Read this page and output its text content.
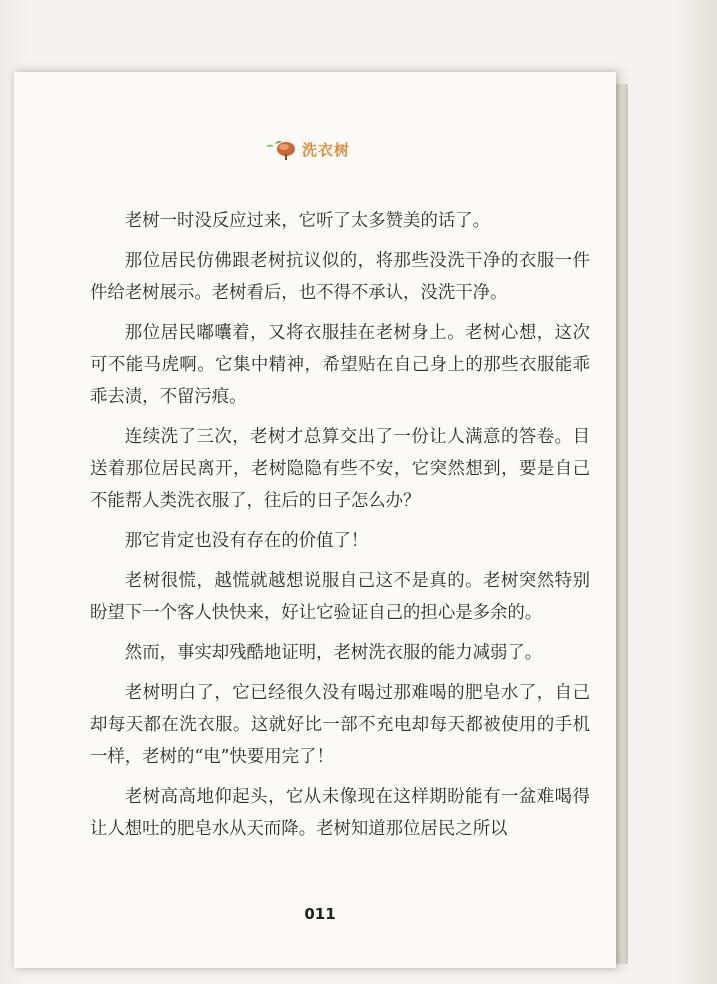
洗衣树

老树一时没反应过来，它听了太多赞美的话了。

那位居民仿佛跟老树抗议似的，将那些没洗干净的衣服一件件给老树展示。老树看后，也不得不承认，没洗干净。

那位居民嘟囔着，又将衣服挂在老树身上。老树心想，这次可不能马虎啊。它集中精神，希望贴在自己身上的那些衣服能乖乖去渍，不留污痕。

连续洗了三次，老树才总算交出了一份让人满意的答卷。目送着那位居民离开，老树隐隐有些不安，它突然想到，要是自己不能帮人类洗衣服了，往后的日子怎么办？

那它肯定也没有存在的价值了！

老树很慌，越慌就越想说服自己这不是真的。老树突然特别盼望下一个客人快快来，好让它验证自己的担心是多余的。

然而，事实却残酷地证明，老树洗衣服的能力减弱了。

老树明白了，它已经很久没有喝过那难喝的肥皂水了，自己却每天都在洗衣服。这就好比一部不充电却每天都被使用的手机一样，老树的“电”快要用完了！

老树高高地仰起头，它从未像现在这样期盼能有一盆难喝得让人想吐的肥皂水从天而降。老树知道那位居民之所以

011
